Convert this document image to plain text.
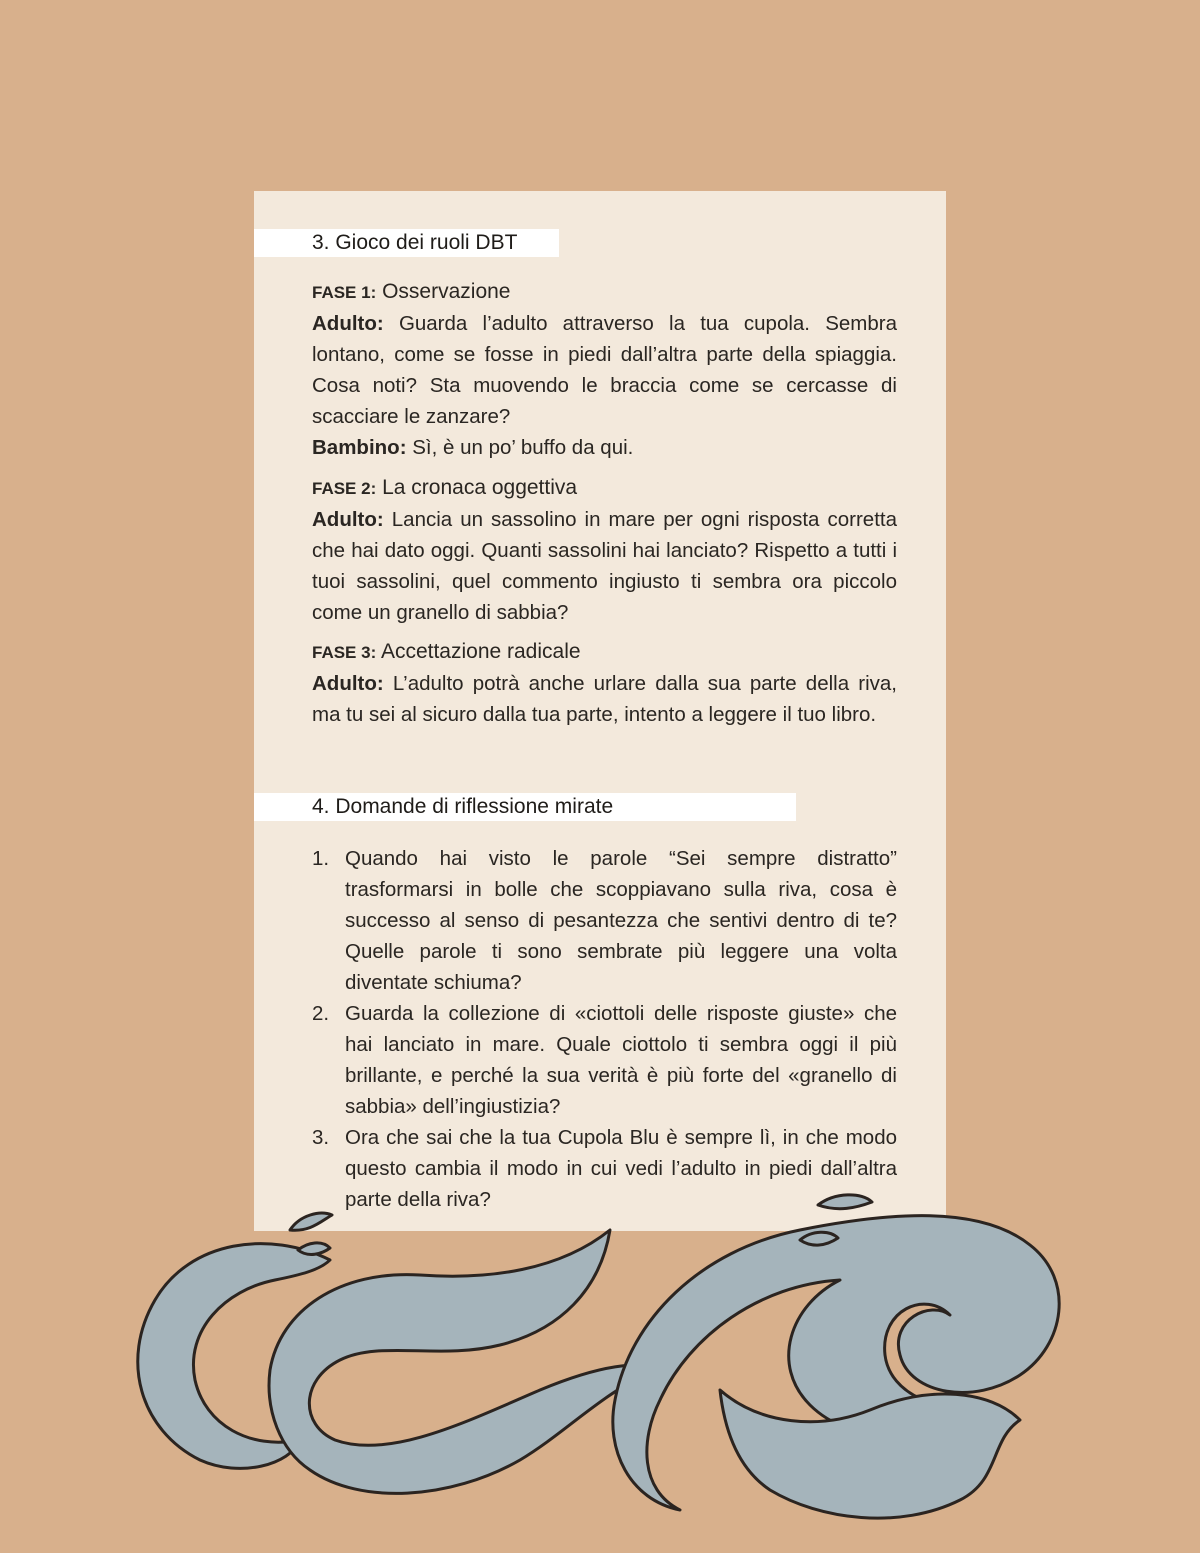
3. Gioco dei ruoli DBT

FASE 1: Osservazione

Adulto: Guarda l’adulto attraverso la tua cupola. Sembra lontano, come se fosse in piedi dall’altra parte della spiaggia. Cosa noti? Sta muovendo le braccia come se cercasse di scacciare le zanzare?

Bambino: Sì, è un po’ buffo da qui.

FASE 2: La cronaca oggettiva

Adulto: Lancia un sassolino in mare per ogni risposta corretta che hai dato oggi. Quanti sassolini hai lanciato? Rispetto a tutti i tuoi sassolini, quel commento ingiusto ti sembra ora piccolo come un granello di sabbia?

FASE 3: Accettazione radicale

Adulto: L’adulto potrà anche urlare dalla sua parte della riva, ma tu sei al sicuro dalla tua parte, intento a leggere il tuo libro.

4. Domande di riflessione mirate
1. Quando hai visto le parole “Sei sempre distratto” trasformarsi in bolle che scoppiavano sulla riva, cosa è successo al senso di pesantezza che sentivi dentro di te? Quelle parole ti sono sembrate più leggere una volta diventate schiuma?
2. Guarda la collezione di «ciottoli delle risposte giuste» che hai lanciato in mare. Quale ciottolo ti sembra oggi il più brillante, e perché la sua verità è più forte del «granello di sabbia» dell’ingiustizia?
3. Ora che sai che la tua Cupola Blu è sempre lì, in che modo questo cambia il modo in cui vedi l’adulto in piedi dall’altra parte della riva?
